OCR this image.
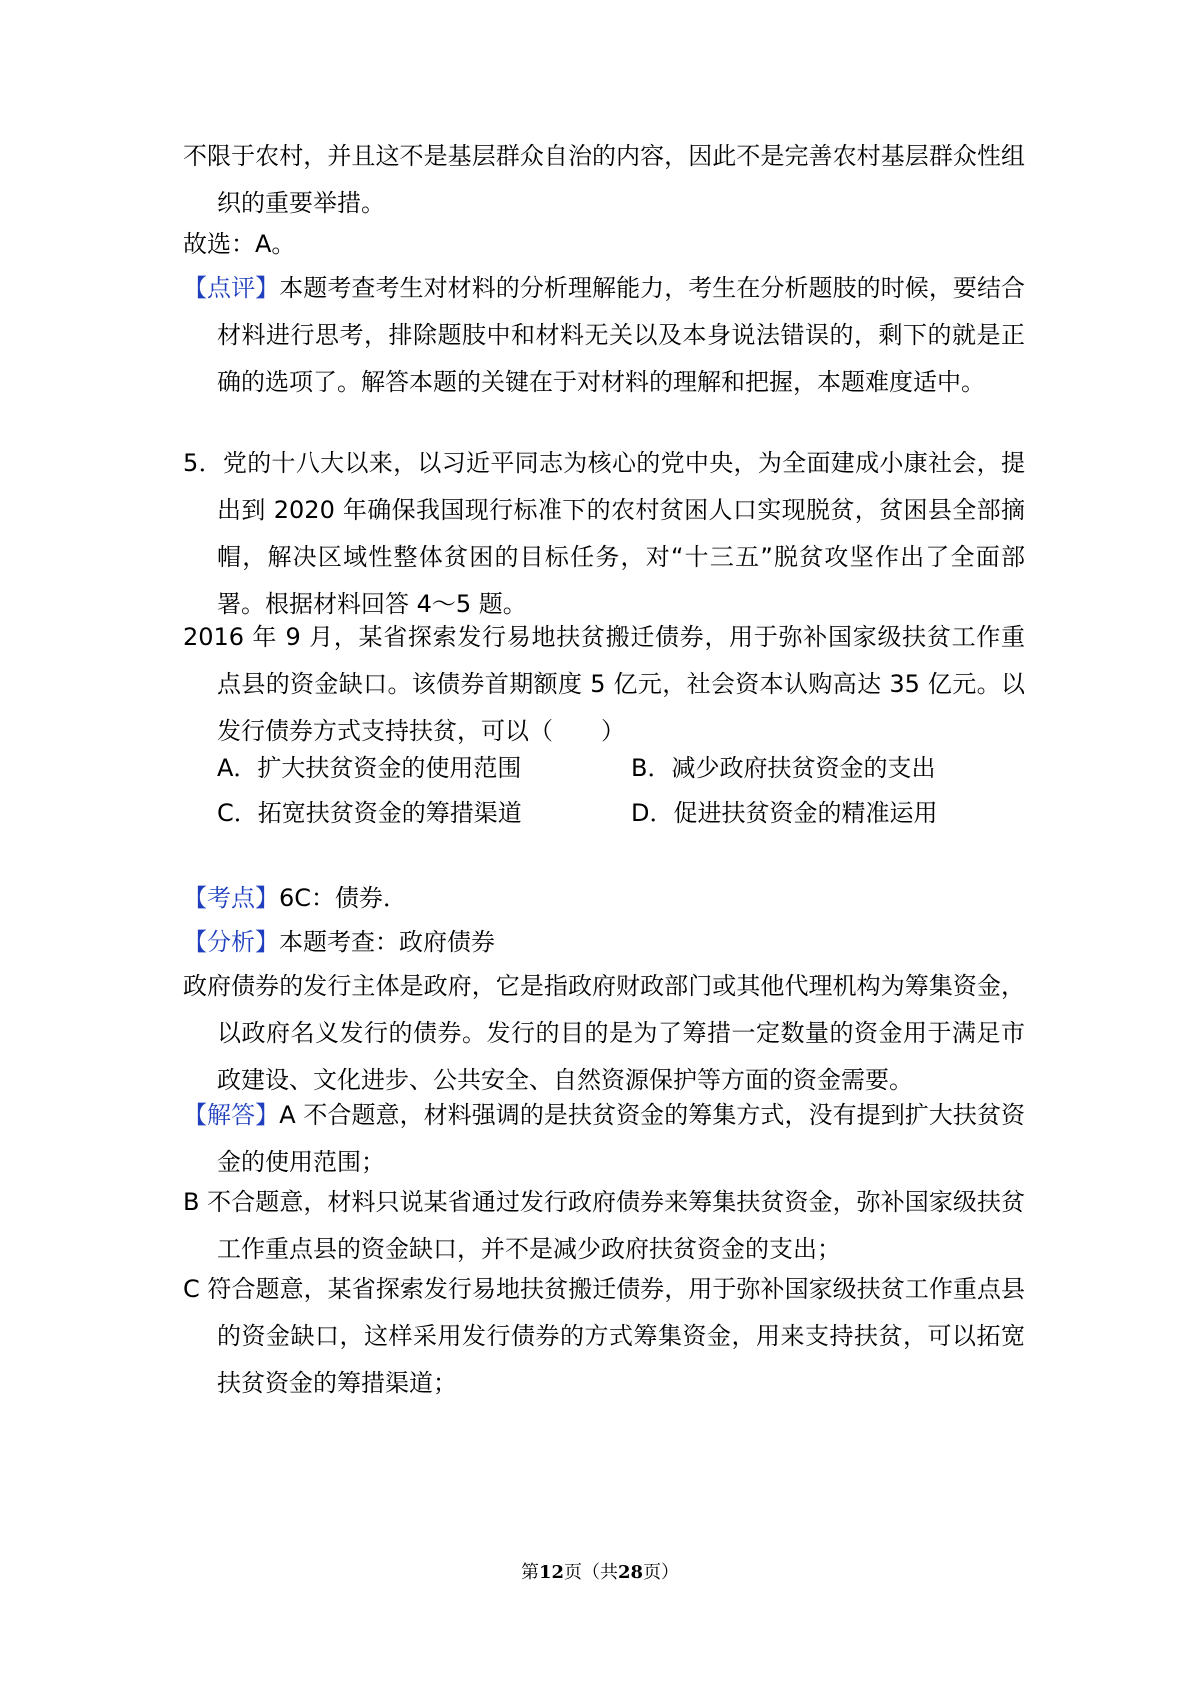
不限于农村，并且这不是基层群众自治的内容，因此不是完善农村基层群众性组织的重要举措。
故选：A。
【点评】本题考查考生对材料的分析理解能力，考生在分析题肢的时候，要结合材料进行思考，排除题肢中和材料无关以及本身说法错误的，剩下的就是正确的选项了。解答本题的关键在于对材料的理解和把握，本题难度适中。
5．党的十八大以来，以习近平同志为核心的党中央，为全面建成小康社会，提出到 2020 年确保我国现行标准下的农村贫困人口实现脱贫，贫困县全部摘帽，解决区域性整体贫困的目标任务，对“十三五”脱贫攻坚作出了全面部署。根据材料回答 4～5 题。
2016 年 9 月，某省探索发行易地扶贫搬迁债券，用于弥补国家级扶贫工作重点县的资金缺口。该债券首期额度 5 亿元，社会资本认购高达 35 亿元。以发行债券方式支持扶贫，可以（　　）
A．扩大扶贫资金的使用范围	B．减少政府扶贫资金的支出
C．拓宽扶贫资金的筹措渠道	D．促进扶贫资金的精准运用
【考点】6C：债券．
【分析】本题考查：政府债券
政府债券的发行主体是政府，它是指政府财政部门或其他代理机构为筹集资金，以政府名义发行的债券。发行的目的是为了筹措一定数量的资金用于满足市政建设、文化进步、公共安全、自然资源保护等方面的资金需要。
【解答】A 不合题意，材料强调的是扶贫资金的筹集方式，没有提到扩大扶贫资金的使用范围；
B 不合题意，材料只说某省通过发行政府债券来筹集扶贫资金，弥补国家级扶贫工作重点县的资金缺口，并不是减少政府扶贫资金的支出；
C 符合题意，某省探索发行易地扶贫搬迁债券，用于弥补国家级扶贫工作重点县的资金缺口，这样采用发行债券的方式筹集资金，用来支持扶贫，可以拓宽扶贫资金的筹措渠道；
第12页（共28页）
